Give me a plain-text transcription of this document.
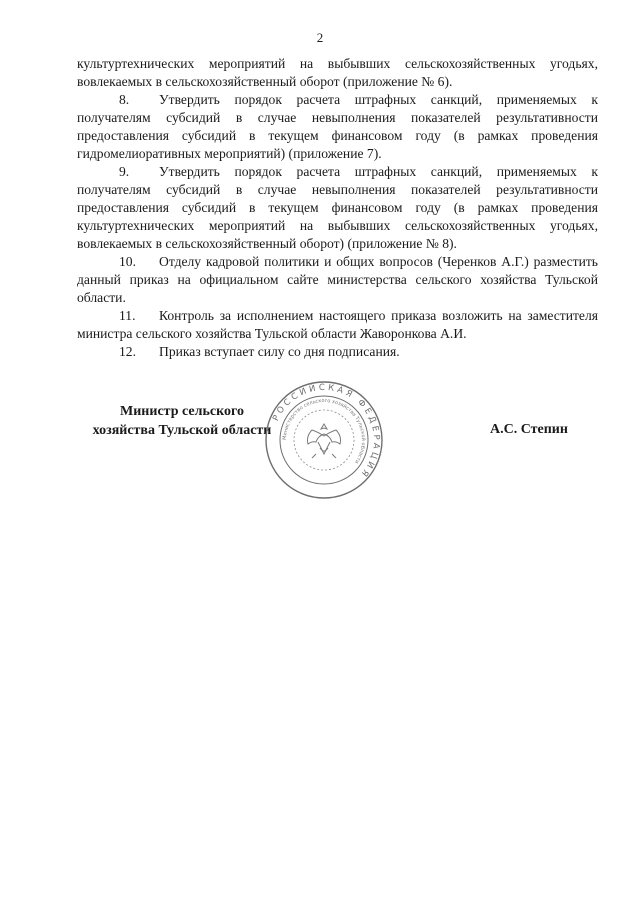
2

культуртехнических мероприятий на выбывших сельскохозяйственных угодьях, вовлекаемых в сельскохозяйственный оборот (приложение № 6).

8. Утвердить порядок расчета штрафных санкций, применяемых к получателям субсидий в случае невыполнения показателей результативности предоставления субсидий в текущем финансовом году (в рамках проведения гидромелиоративных мероприятий) (приложение 7).

9. Утвердить порядок расчета штрафных санкций, применяемых к получателям субсидий в случае невыполнения показателей результативности предоставления субсидий в текущем финансовом году (в рамках проведения культуртехнических мероприятий на выбывших сельскохозяйственных угодьях, вовлекаемых в сельскохозяйственный оборот) (приложение № 8).

10. Отделу кадровой политики и общих вопросов (Черенков А.Г.) разместить данный приказ на официальном сайте министерства сельского хозяйства Тульской области.

11. Контроль за исполнением настоящего приказа возложить на заместителя министра сельского хозяйства Тульской области Жаворонкова А.И.

12. Приказ вступает силу со дня подписания.

Министр сельского
хозяйства Тульской области
РОССИЙСКАЯ ФЕДЕРАЦИЯ
Министерство сельского хозяйства Тульской области
А.С. Степин
